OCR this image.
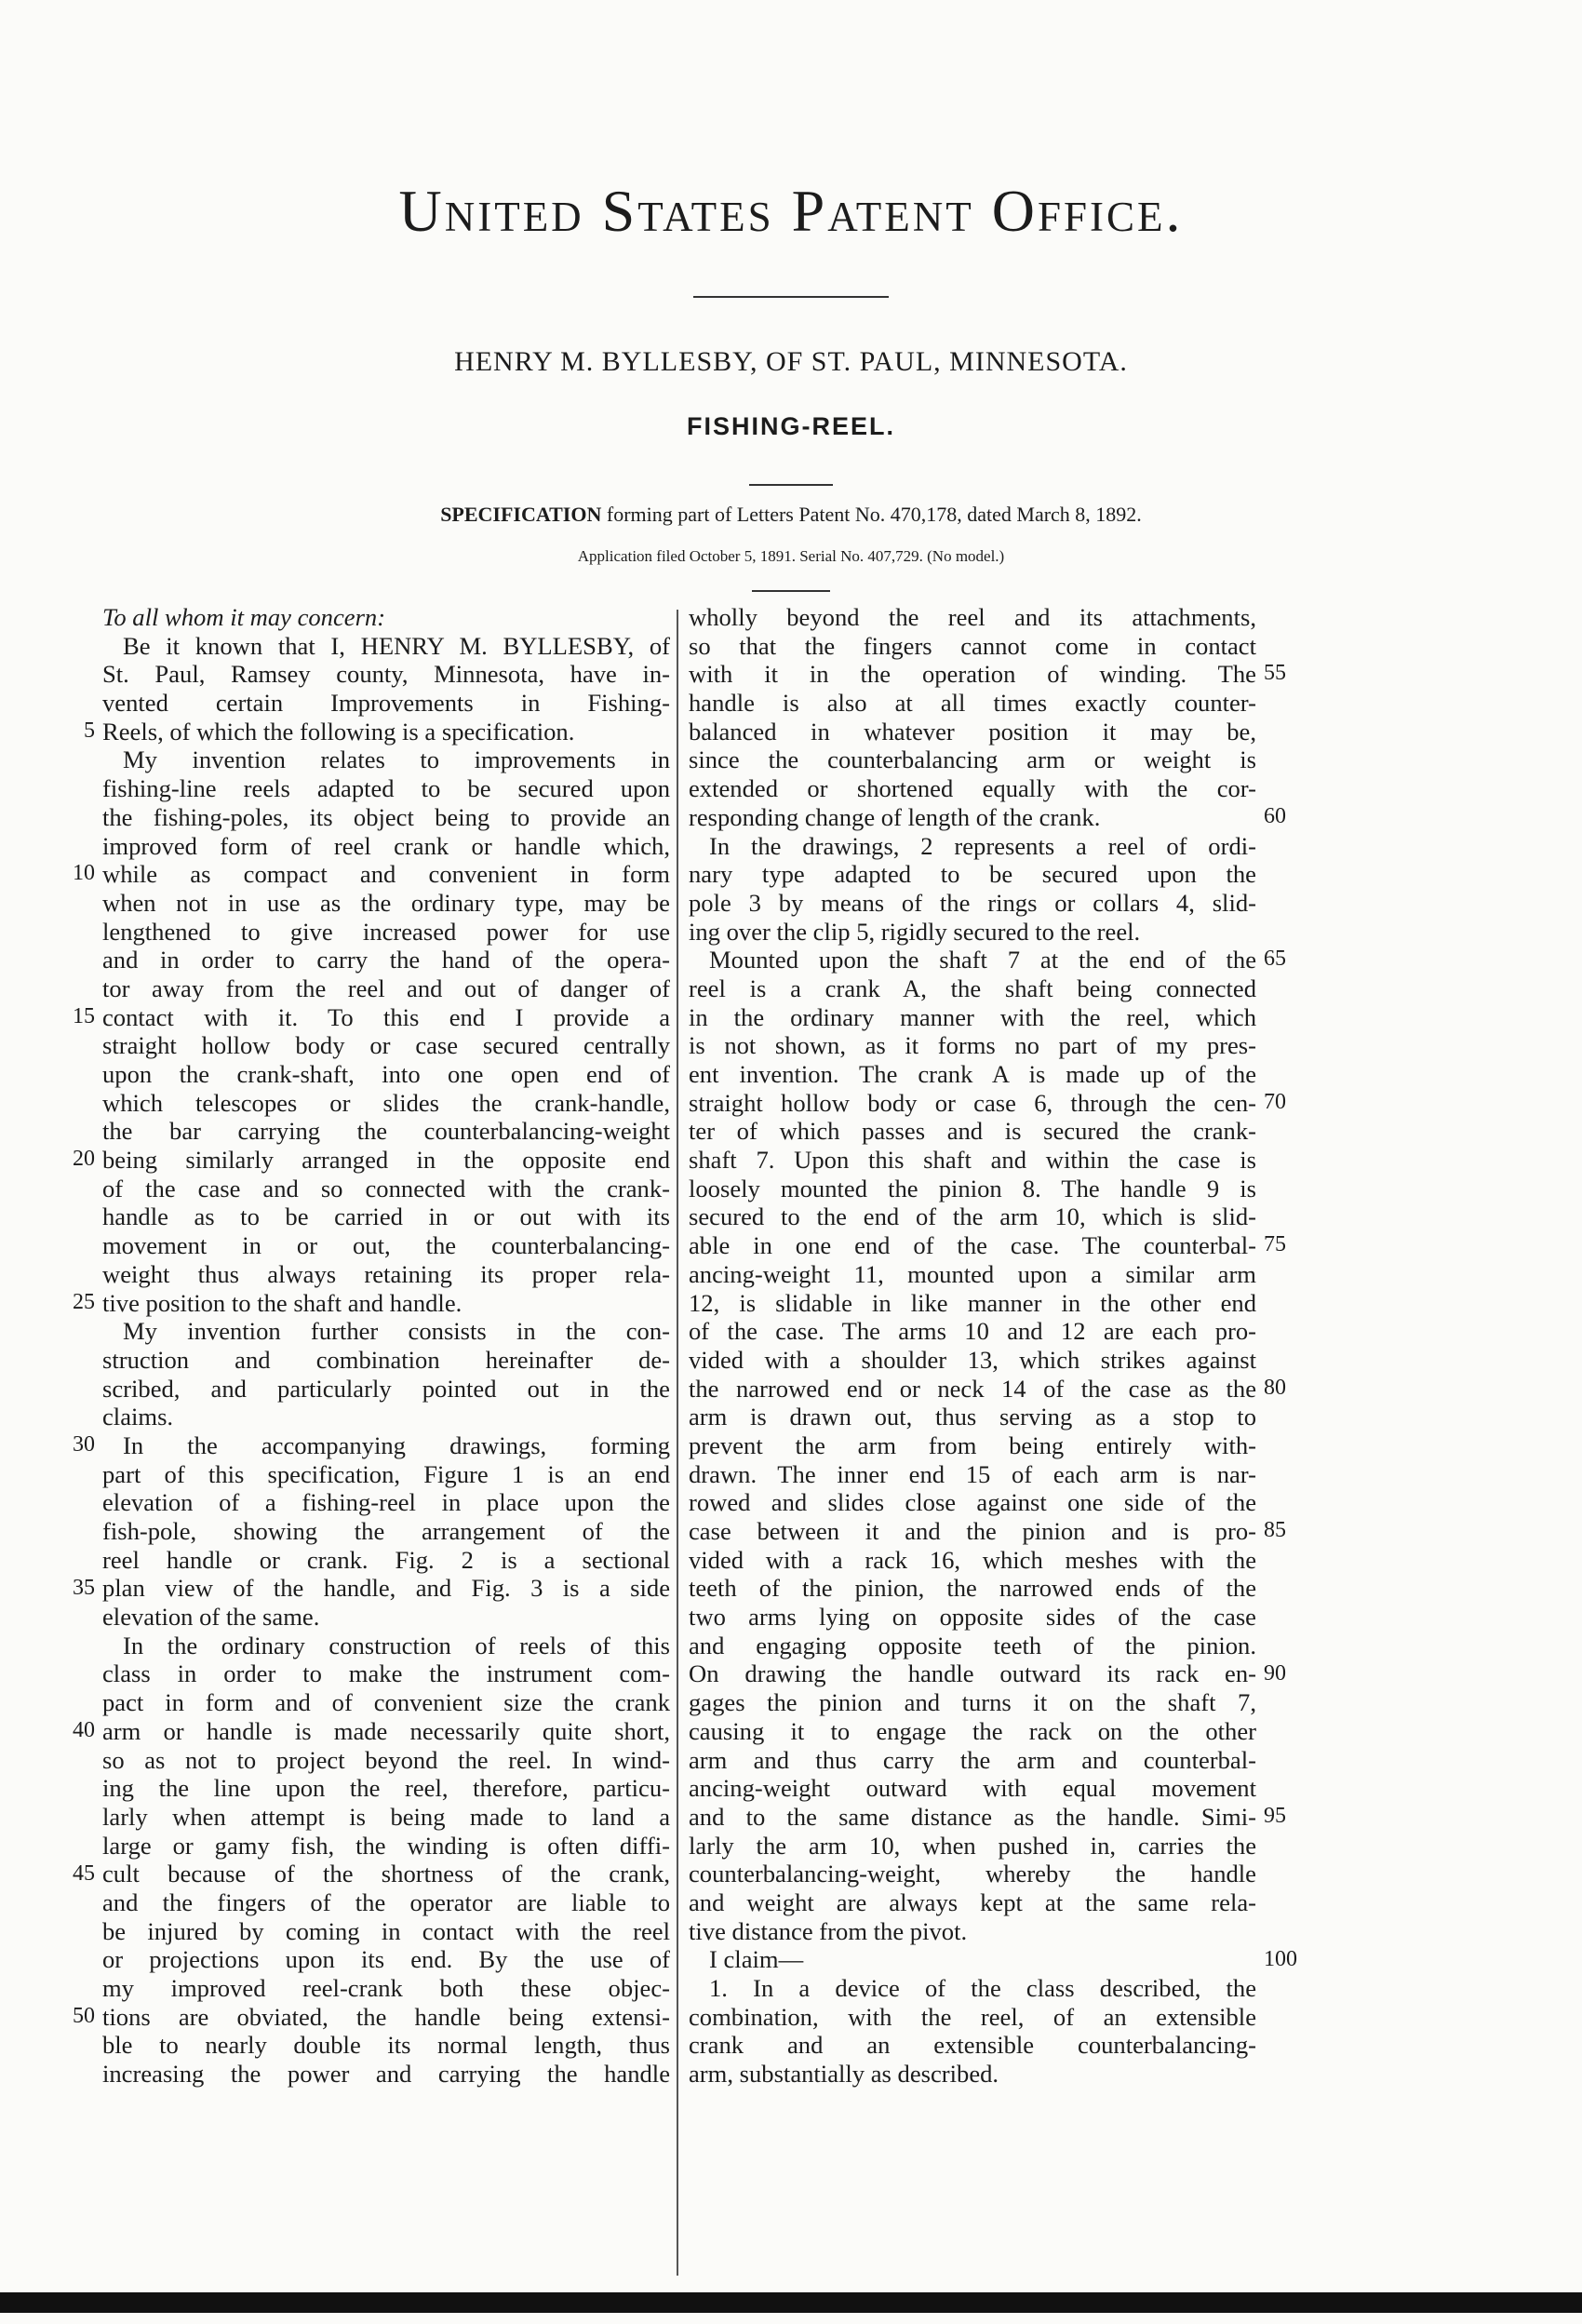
United States Patent Office.
HENRY M. BYLLESBY, OF ST. PAUL, MINNESOTA.
FISHING-REEL.
SPECIFICATION forming part of Letters Patent No. 470,178, dated March 8, 1892.
Application filed October 5, 1891. Serial No. 407,729. (No model.)
To all whom it may concern:
Be it known that I, HENRY M. BYLLESBY, of
St. Paul, Ramsey county, Minnesota, have in-
vented certain Improvements in Fishing-
Reels, of which the following is a specification.
My invention relates to improvements in
fishing-line reels adapted to be secured upon
the fishing-poles, its object being to provide an
improved form of reel crank or handle which,
while as compact and convenient in form
when not in use as the ordinary type, may be
lengthened to give increased power for use
and in order to carry the hand of the opera-
tor away from the reel and out of danger of
contact with it. To this end I provide a
straight hollow body or case secured centrally
upon the crank-shaft, into one open end of
which telescopes or slides the crank-handle,
the bar carrying the counterbalancing-weight
being similarly arranged in the opposite end
of the case and so connected with the crank-
handle as to be carried in or out with its
movement in or out, the counterbalancing-
weight thus always retaining its proper rela-
tive position to the shaft and handle.
My invention further consists in the con-
struction and combination hereinafter de-
scribed, and particularly pointed out in the
claims.
In the accompanying drawings, forming
part of this specification, Figure 1 is an end
elevation of a fishing-reel in place upon the
fish-pole, showing the arrangement of the
reel handle or crank. Fig. 2 is a sectional
plan view of the handle, and Fig. 3 is a side
elevation of the same.
In the ordinary construction of reels of this
class in order to make the instrument com-
pact in form and of convenient size the crank
arm or handle is made necessarily quite short,
so as not to project beyond the reel. In wind-
ing the line upon the reel, therefore, particu-
larly when attempt is being made to land a
large or gamy fish, the winding is often diffi-
cult because of the shortness of the crank,
and the fingers of the operator are liable to
be injured by coming in contact with the reel
or projections upon its end. By the use of
my improved reel-crank both these objec-
tions are obviated, the handle being extensi-
ble to nearly double its normal length, thus
increasing the power and carrying the handle
wholly beyond the reel and its attachments,
so that the fingers cannot come in contact
with it in the operation of winding. The
handle is also at all times exactly counter-
balanced in whatever position it may be,
since the counterbalancing arm or weight is
extended or shortened equally with the cor-
responding change of length of the crank.
In the drawings, 2 represents a reel of ordi-
nary type adapted to be secured upon the
pole 3 by means of the rings or collars 4, slid-
ing over the clip 5, rigidly secured to the reel.
Mounted upon the shaft 7 at the end of the
reel is a crank A, the shaft being connected
in the ordinary manner with the reel, which
is not shown, as it forms no part of my pres-
ent invention. The crank A is made up of the
straight hollow body or case 6, through the cen-
ter of which passes and is secured the crank-
shaft 7. Upon this shaft and within the case is
loosely mounted the pinion 8. The handle 9 is
secured to the end of the arm 10, which is slid-
able in one end of the case. The counterbal-
ancing-weight 11, mounted upon a similar arm
12, is slidable in like manner in the other end
of the case. The arms 10 and 12 are each pro-
vided with a shoulder 13, which strikes against
the narrowed end or neck 14 of the case as the
arm is drawn out, thus serving as a stop to
prevent the arm from being entirely with-
drawn. The inner end 15 of each arm is nar-
rowed and slides close against one side of the
case between it and the pinion and is pro-
vided with a rack 16, which meshes with the
teeth of the pinion, the narrowed ends of the
two arms lying on opposite sides of the case
and engaging opposite teeth of the pinion.
On drawing the handle outward its rack en-
gages the pinion and turns it on the shaft 7,
causing it to engage the rack on the other
arm and thus carry the arm and counterbal-
ancing-weight outward with equal movement
and to the same distance as the handle. Simi-
larly the arm 10, when pushed in, carries the
counterbalancing-weight, whereby the handle
and weight are always kept at the same rela-
tive distance from the pivot.
I claim—
1. In a device of the class described, the
combination, with the reel, of an extensible
crank and an extensible counterbalancing-
arm, substantially as described.
5
10
15
20
25
30
35
40
45
50
55
60
65
70
75
80
85
90
95
100
